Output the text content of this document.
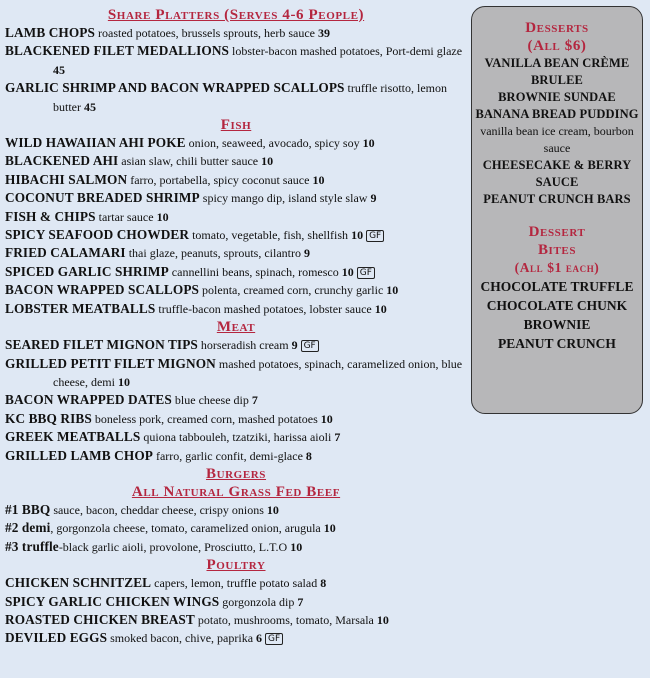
Share Platters (Serves 4-6 People)

LAMB CHOPS roasted potatoes, brussels sprouts, herb sauce 39

BLACKENED FILET MEDALLIONS lobster-bacon mashed potatoes, Port-demi glaze 45

GARLIC SHRIMP AND BACON WRAPPED SCALLOPS truffle risotto, lemon butter 45

Fish

WILD HAWAIIAN AHI POKE onion, seaweed, avocado, spicy soy 10

BLACKENED AHI asian slaw, chili butter sauce 10

HIBACHI SALMON farro, portabella, spicy coconut sauce 10

COCONUT BREADED SHRIMP spicy mango dip, island style slaw 9

FISH & CHIPS tartar sauce 10

SPICY SEAFOOD CHOWDER tomato, vegetable, fish, shellfish 10 GF

FRIED CALAMARI thai glaze, peanuts, sprouts, cilantro 9

SPICED GARLIC SHRIMP cannellini beans, spinach, romesco 10 GF

BACON WRAPPED SCALLOPS polenta, creamed corn, crunchy garlic 10

LOBSTER MEATBALLS truffle-bacon mashed potatoes, lobster sauce 10

Meat

SEARED FILET MIGNON TIPS horseradish cream 9 GF

GRILLED PETIT FILET MIGNON mashed potatoes, spinach, caramelized onion, blue cheese, demi 10

BACON WRAPPED DATES blue cheese dip 7

KC BBQ RIBS boneless pork, creamed corn, mashed potatoes 10

GREEK MEATBALLS quiona tabbouleh, tzatziki, harissa aioli 7

GRILLED LAMB CHOP farro, garlic confit, demi-glace 8

Burgers
All Natural Grass Fed Beef

#1 BBQ sauce, bacon, cheddar cheese, crispy onions 10

#2 demi, gorgonzola cheese, tomato, caramelized onion, arugula 10

#3 truffle-black garlic aioli, provolone, Prosciutto, L.T.O 10

Poultry

CHICKEN SCHNITZEL capers, lemon, truffle potato salad 8

SPICY GARLIC CHICKEN WINGS gorgonzola dip 7

ROASTED CHICKEN BREAST potato, mushrooms, tomato, Marsala 10

DEVILED EGGS smoked bacon, chive, paprika 6 GF

Desserts
(All $6)
VANILLA BEAN CRÈME BRULEE
BROWNIE SUNDAE
BANANA BREAD PUDDING vanilla bean ice cream, bourbon sauce
CHEESECAKE & BERRY SAUCE
PEANUT CRUNCH BARS
Dessert
Bites
(All $1 each)
CHOCOLATE TRUFFLE
CHOCOLATE CHUNK BROWNIE
PEANUT CRUNCH
